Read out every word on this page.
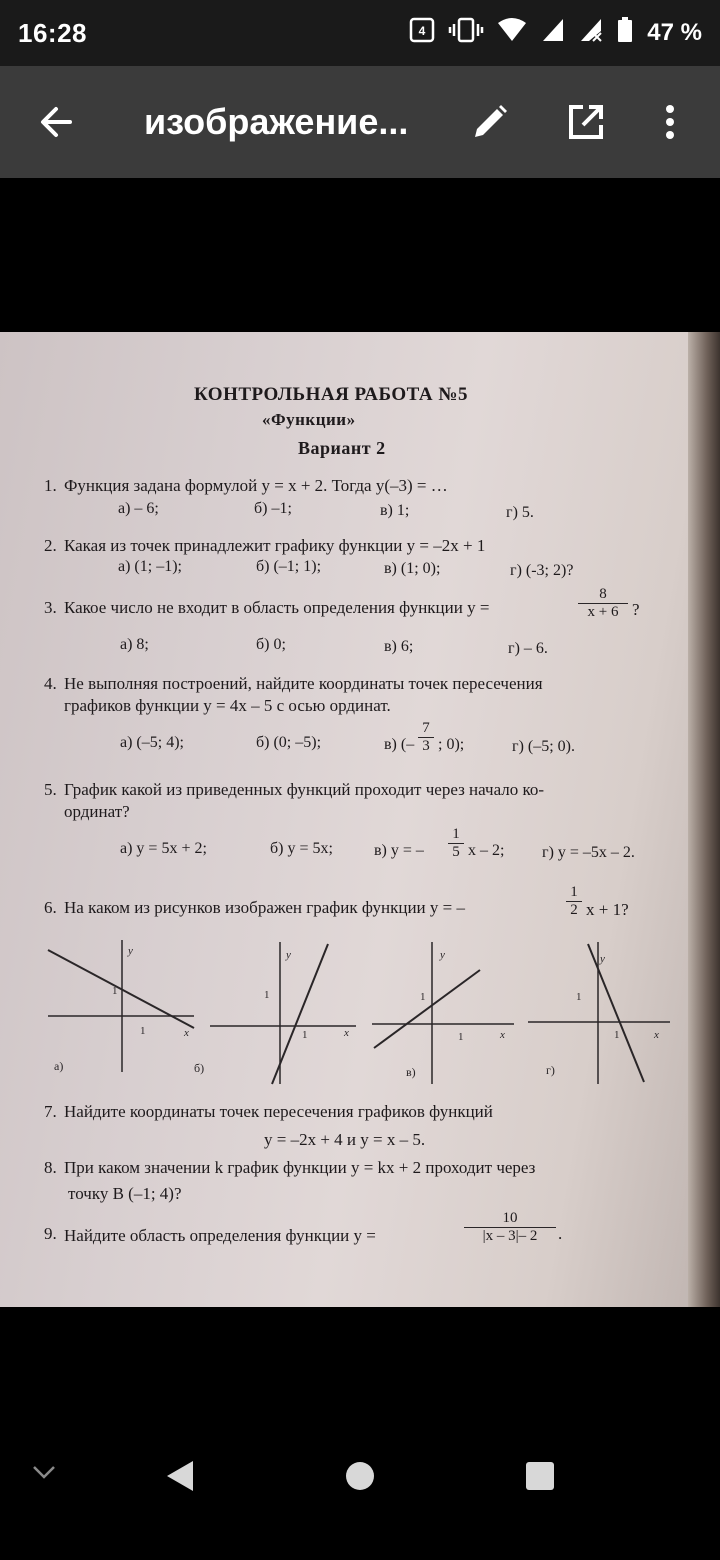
16:28	4	47 %
изображение...
КОНТРОЛЬНАЯ РАБОТА №5
«Функции»
Вариант 2
1. Функция задана формулой y = x + 2. Тогда y(–3) = …
а) – 6;	б) –1;	в) 1;	г) 5.
2. Какая из точек принадлежит графику функции y = –2x + 1
а) (1; –1);	б) (–1; 1);	в) (1; 0);	г) (-3; 2)?
3. Какое число не входит в область определения функции y =	$\frac{8}{x + 6}$ ?
а) 8;	б) 0;	в) 6;	г) – 6.
4. Не выполняя построений, найдите координаты точек пересечения
графиков функции y = 4x – 5 с осью ординат.
а) (–5; 4);	б) (0; –5);	в) (– $\frac{7}{3}$ ; 0);	г) (–5; 0).
5. График какой из приведенных функций проходит через начало ко-
ординат?
а) y = 5x + 2;	б) y = 5x;	в) y = – $\frac{1}{5}$ x – 2; г) y = –5x – 2.
6. На каком из рисунков изображен график функции y = –	$\frac{1}{2}$ x + 1?
y
x
1
1
а)
y
x
1
1
б)
y
x
1
1
в)
y
x
1
1
г)
7. Найдите координаты точек пересечения графиков функций
y = –2x + 4 и y = x – 5.
8. При каком значении k график функции y = kx + 2 проходит через
точку B (–1; 4)?
9. Найдите область определения функции y =	$\frac{10}{|x - 3|- 2}$ .
